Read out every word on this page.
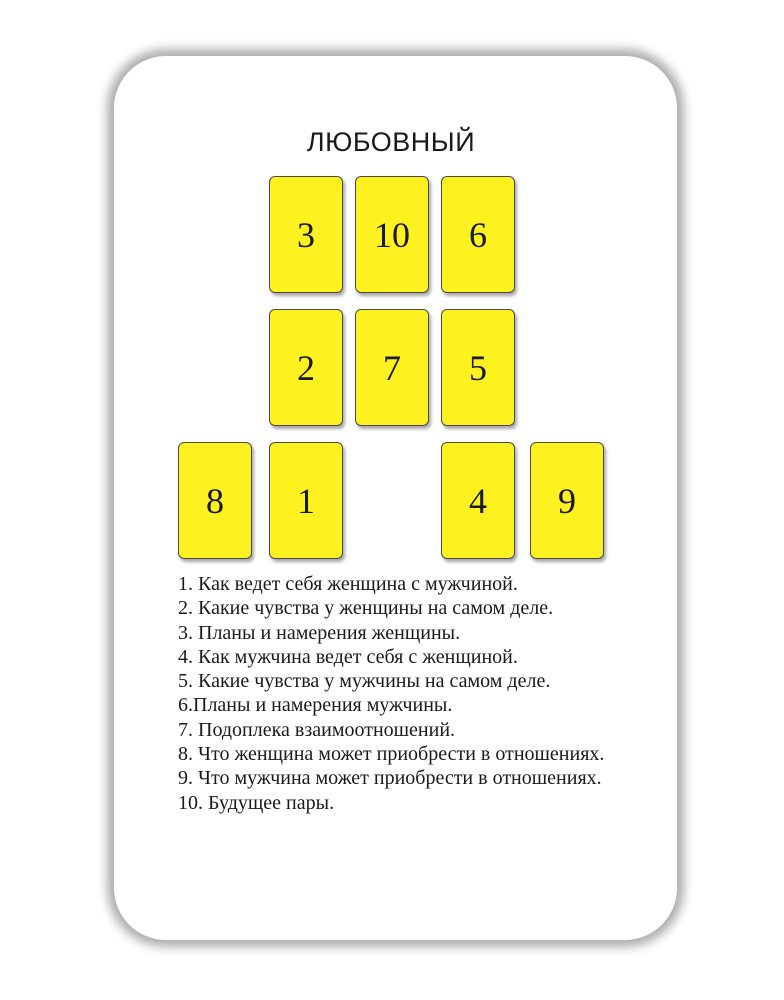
ЛЮБОВНЫЙ
3	10	6
2	7	5
8	1	4	9
1. Как ведет себя женщина с мужчиной.
2. Какие чувства у женщины на самом деле.
3. Планы и намерения женщины.
4. Как мужчина ведет себя с женщиной.
5. Какие чувства у мужчины на самом деле.
6.Планы и намерения мужчины.
7. Подоплека взаимоотношений.
8. Что женщина может приобрести в отношениях.
9. Что мужчина может приобрести в отношениях.
10. Будущее пары.
